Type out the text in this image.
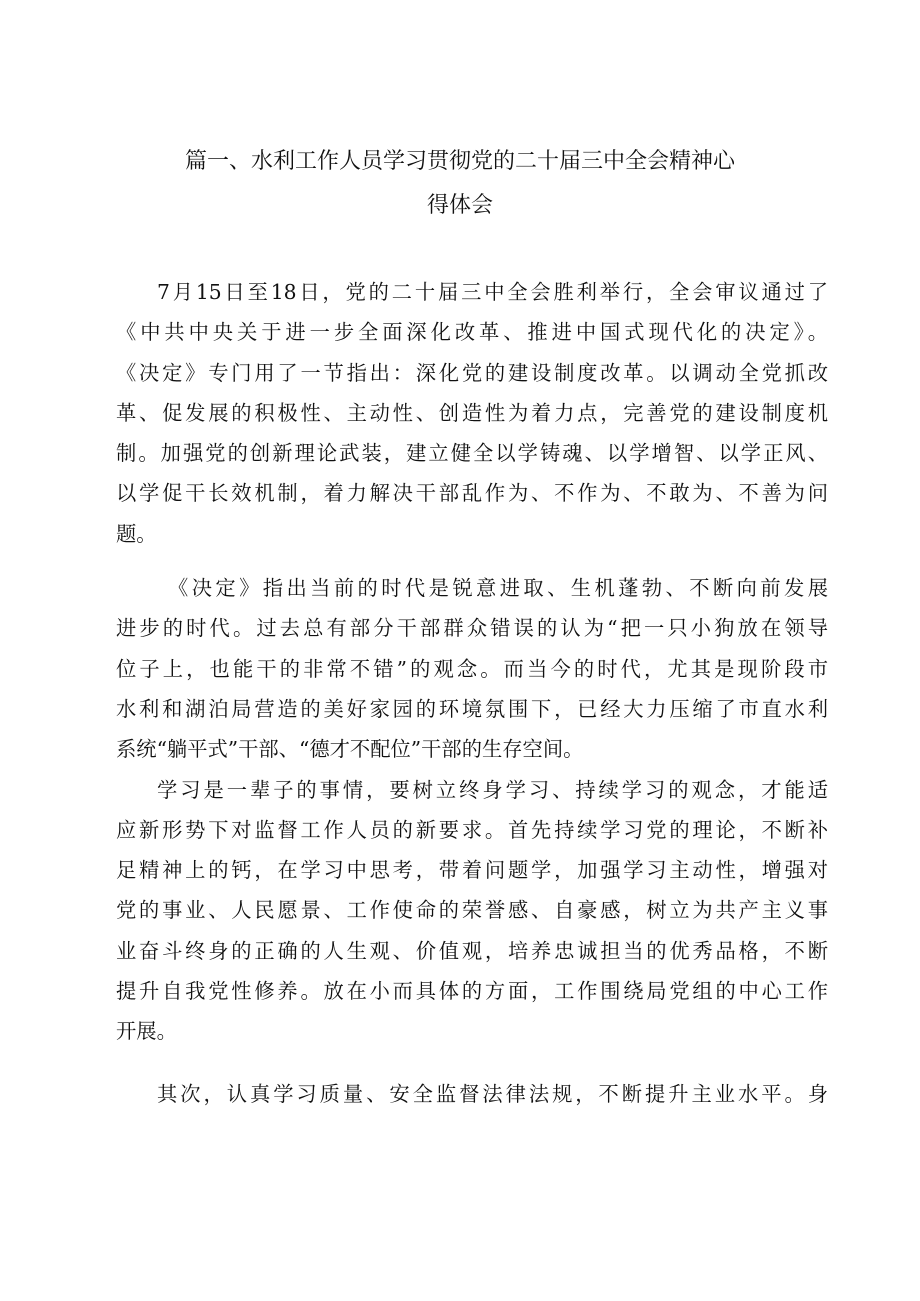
篇一、水利工作人员学习贯彻党的二十届三中全会精神心
得体会
7月15日至18日，党的二十届三中全会胜利举行，全会审议通过了
《中共中央关于进一步全面深化改革、推进中国式现代化的决定》。
《决定》专门用了一节指出：深化党的建设制度改革。以调动全党抓改
革、促发展的积极性、主动性、创造性为着力点，完善党的建设制度机
制。加强党的创新理论武装，建立健全以学铸魂、以学增智、以学正风、
以学促干长效机制，着力解决干部乱作为、不作为、不敢为、不善为问
题。
《决定》指出当前的时代是锐意进取、生机蓬勃、不断向前发展
进步的时代。过去总有部分干部群众错误的认为“把一只小狗放在领导
位子上，也能干的非常不错”的观念。而当今的时代，尤其是现阶段市
水利和湖泊局营造的美好家园的环境氛围下，已经大力压缩了市直水利
系统“躺平式”干部、“德才不配位”干部的生存空间。
学习是一辈子的事情，要树立终身学习、持续学习的观念，才能适
应新形势下对监督工作人员的新要求。首先持续学习党的理论，不断补
足精神上的钙，在学习中思考，带着问题学，加强学习主动性，增强对
党的事业、人民愿景、工作使命的荣誉感、自豪感，树立为共产主义事
业奋斗终身的正确的人生观、价值观，培养忠诚担当的优秀品格，不断
提升自我党性修养。放在小而具体的方面，工作围绕局党组的中心工作
开展。
其次，认真学习质量、安全监督法律法规，不断提升主业水平。身
